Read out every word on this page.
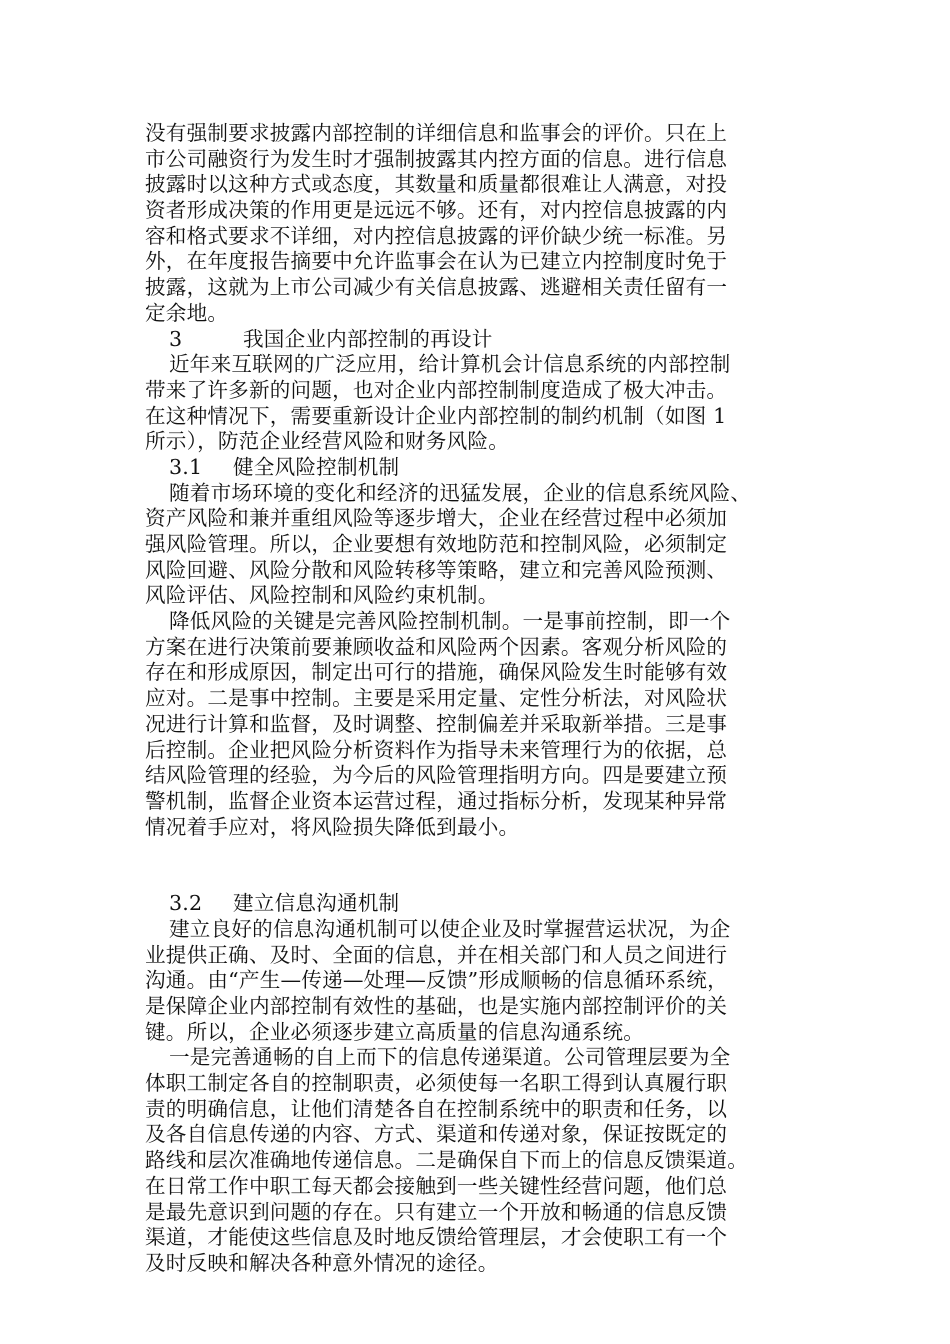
没有强制要求披露内部控制的详细信息和监事会的评价。只在上
市公司融资行为发生时才强制披露其内控方面的信息。进行信息
披露时以这种方式或态度，其数量和质量都很难让人满意，对投
资者形成决策的作用更是远远不够。还有，对内控信息披露的内
容和格式要求不详细，对内控信息披露的评价缺少统一标准。另
外，在年度报告摘要中允许监事会在认为已建立内控制度时免于
披露，这就为上市公司减少有关信息披露、逃避相关责任留有一
定余地。
3	我国企业内部控制的再设计
近年来互联网的广泛应用，给计算机会计信息系统的内部控制
带来了许多新的问题，也对企业内部控制制度造成了极大冲击。
在这种情况下，需要重新设计企业内部控制的制约机制（如图 1
所示），防范企业经营风险和财务风险。
3.1 健全风险控制机制
随着市场环境的变化和经济的迅猛发展，企业的信息系统风险、
资产风险和兼并重组风险等逐步增大，企业在经营过程中必须加
强风险管理。所以，企业要想有效地防范和控制风险，必须制定
风险回避、风险分散和风险转移等策略，建立和完善风险预测、
风险评估、风险控制和风险约束机制。
降低风险的关键是完善风险控制机制。一是事前控制，即一个
方案在进行决策前要兼顾收益和风险两个因素。客观分析风险的
存在和形成原因，制定出可行的措施，确保风险发生时能够有效
应对。二是事中控制。主要是采用定量、定性分析法，对风险状
况进行计算和监督，及时调整、控制偏差并采取新举措。三是事
后控制。企业把风险分析资料作为指导未来管理行为的依据，总
结风险管理的经验，为今后的风险管理指明方向。四是要建立预
警机制，监督企业资本运营过程，通过指标分析，发现某种异常
情况着手应对，将风险损失降低到最小。
3.2 建立信息沟通机制
建立良好的信息沟通机制可以使企业及时掌握营运状况，为企
业提供正确、及时、全面的信息，并在相关部门和人员之间进行
沟通。由“产生—传递—处理—反馈”形成顺畅的信息循环系统，
是保障企业内部控制有效性的基础，也是实施内部控制评价的关
键。所以，企业必须逐步建立高质量的信息沟通系统。
一是完善通畅的自上而下的信息传递渠道。公司管理层要为全
体职工制定各自的控制职责，必须使每一名职工得到认真履行职
责的明确信息，让他们清楚各自在控制系统中的职责和任务，以
及各自信息传递的内容、方式、渠道和传递对象，保证按既定的
路线和层次准确地传递信息。二是确保自下而上的信息反馈渠道。
在日常工作中职工每天都会接触到一些关键性经营问题，他们总
是最先意识到问题的存在。只有建立一个开放和畅通的信息反馈
渠道，才能使这些信息及时地反馈给管理层，才会使职工有一个
及时反映和解决各种意外情况的途径。
